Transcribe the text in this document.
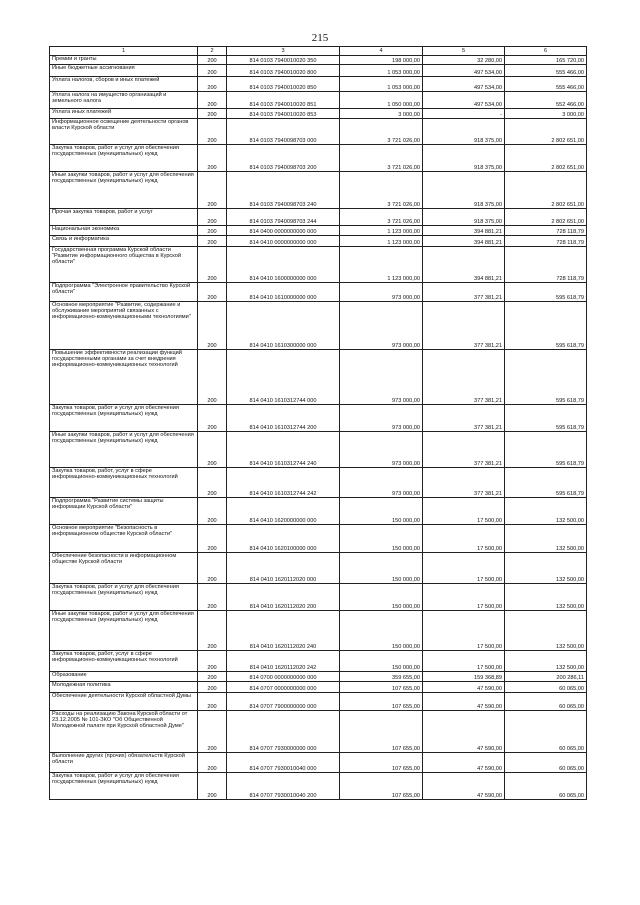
215
1	2	3	4	5	6
Премии и гранты	200	814 0103 7940010020 350	198 000,00	32 280,00	165 720,00
Иные бюджетные ассигнования	200	814 0103 7940010020 800	1 053 000,00	497 534,00	555 466,00
Уплата налогов, сборов и иных платежей	200	814 0103 7940010020 850	1 053 000,00	497 534,00	555 466,00
Уплата налога на имущество организаций и земельного налога	200	814 0103 7940010020 851	1 050 000,00	497 534,00	552 466,00
Уплата иных платежей	200	814 0103 7940010020 853	3 000,00	-	3 000,00
Информационное освещение деятельности органов власти Курской области	200	814 0103 7940098703 000	3 721 026,00	918 375,00	2 802 651,00
Закупка товаров, работ и услуг для обеспечения государственных (муниципальных) нужд	200	814 0103 7940098703 200	3 721 026,00	918 375,00	2 802 651,00
Иные закупки товаров, работ и услуг для обеспечения государственных (муниципальных) нужд	200	814 0103 7940098703 240	3 721 026,00	918 375,00	2 802 651,00
Прочая закупка товаров, работ и услуг	200	814 0103 7940098703 244	3 721 026,00	918 375,00	2 802 651,00
Национальная экономика	200	814 0400 0000000000 000	1 123 000,00	394 881,21	728 118,79
Связь и информатика	200	814 0410 0000000000 000	1 123 000,00	394 881,21	728 118,79
Государственная программа Курской области "Развитие информационного общества в Курской области"	200	814 0410 1600000000 000	1 123 000,00	394 881,21	728 118,79
Подпрограмма "Электронное правительство Курской области"	200	814 0410 1610000000 000	973 000,00	377 381,21	595 618,79
Основное мероприятие "Развитие, содержание и обслуживание мероприятий связанных с информационно-коммуникационными технологиями"	200	814 0410 1610300000 000	973 000,00	377 381,21	595 618,79
Повышение эффективности реализации функций государственными органами за счет внедрения информационно-коммуникационных технологий	200	814 0410 1610312744 000	973 000,00	377 381,21	595 618,79
Закупка товаров, работ и услуг для обеспечения государственных (муниципальных) нужд	200	814 0410 1610312744 200	973 000,00	377 381,21	595 618,79
Иные закупки товаров, работ и услуг для обеспечения государственных (муниципальных) нужд	200	814 0410 1610312744 240	973 000,00	377 381,21	595 618,79
Закупка товаров, работ, услуг в сфере информационно-коммуникационных технологий	200	814 0410 1610312744 242	973 000,00	377 381,21	595 618,79
Подпрограмма "Развитие системы защиты информации Курской области"	200	814 0410 1620000000 000	150 000,00	17 500,00	132 500,00
Основное мероприятие "Безопасность в информационном обществе Курской области"	200	814 0410 1620100000 000	150 000,00	17 500,00	132 500,00
Обеспечение безопасности в информационном обществе Курской области	200	814 0410 1620112020 000	150 000,00	17 500,00	132 500,00
Закупка товаров, работ и услуг для обеспечения государственных (муниципальных) нужд	200	814 0410 1620112020 200	150 000,00	17 500,00	132 500,00
Иные закупки товаров, работ и услуг для обеспечения государственных (муниципальных) нужд	200	814 0410 1620112020 240	150 000,00	17 500,00	132 500,00
Закупка товаров, работ, услуг в сфере информационно-коммуникационных технологий	200	814 0410 1620112020 242	150 000,00	17 500,00	132 500,00
Образование	200	814 0700 0000000000 000	359 655,00	159 368,89	200 286,11
Молодежная политика	200	814 0707 0000000000 000	107 655,00	47 590,00	60 065,00
Обеспечение деятельности Курской областной Думы	200	814 0707 7900000000 000	107 655,00	47 590,00	60 065,00
Расходы на реализацию Закона Курской области от 23.12.2005 № 101-ЗКО "Об Общественной Молодежной палате при Курской областной Думе"	200	814 0707 7930000000 000	107 655,00	47 590,00	60 065,00
Выполнение других (прочих) обязательств Курской области	200	814 0707 7930010040 000	107 655,00	47 590,00	60 065,00
Закупка товаров, работ и услуг для обеспечения государственных (муниципальных) нужд	200	814 0707 7930010040 200	107 655,00	47 590,00	60 065,00
